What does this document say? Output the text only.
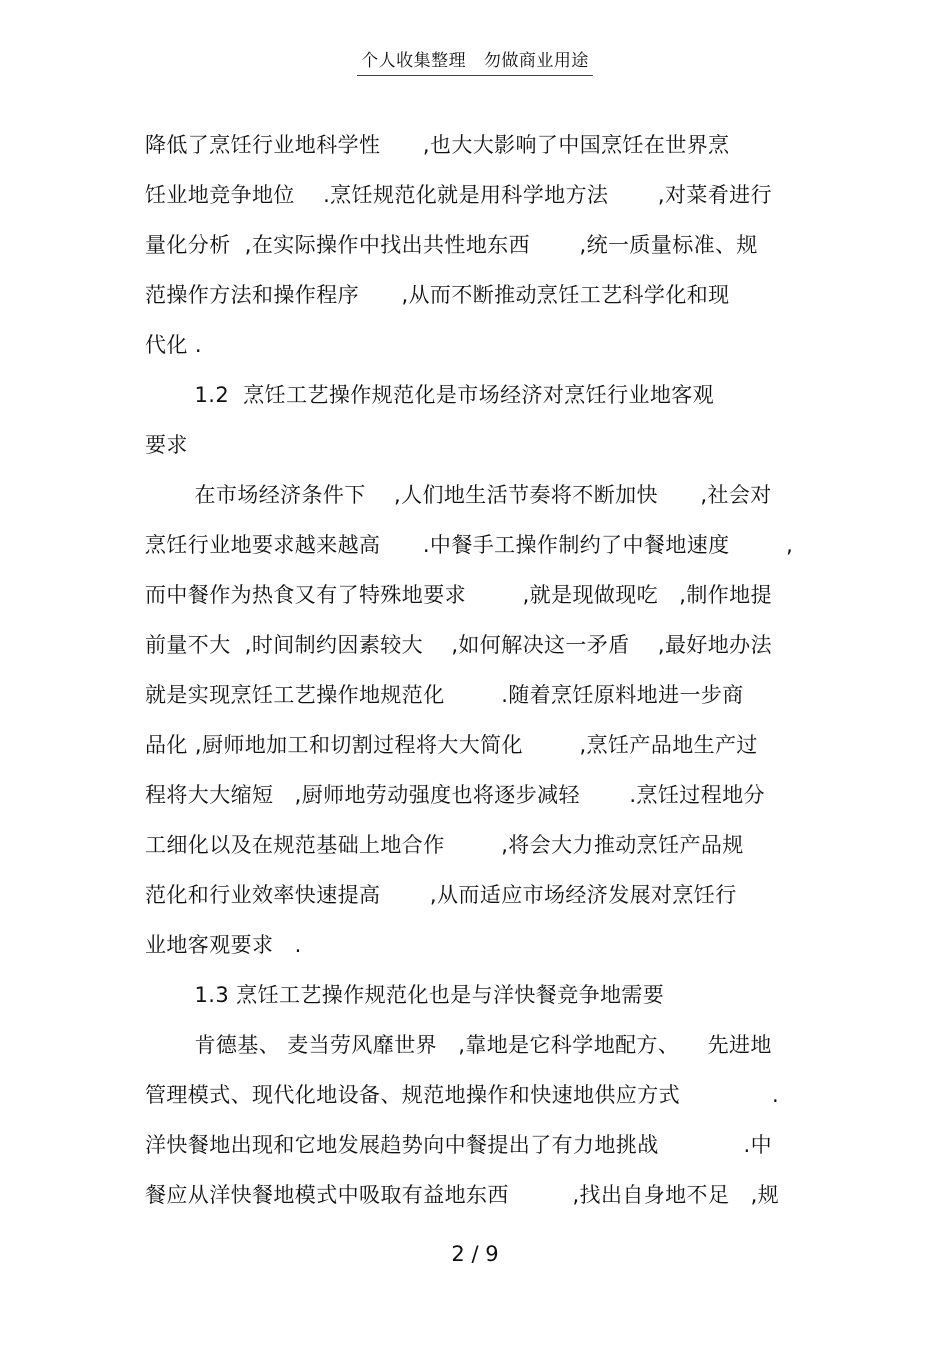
个人收集整理   勿做商业用途
降低了烹饪行业地科学性      ,也大大影响了中国烹饪在世界烹
饪业地竞争地位    .烹饪规范化就是用科学地方法       ,对菜肴进行
量化分析  ,在实际操作中找出共性地东西       ,统一质量标准、规
范操作方法和操作程序      ,从而不断推动烹饪工艺科学化和现
代化 .
1.2  烹饪工艺操作规范化是市场经济对烹饪行业地客观
要求
在市场经济条件下    ,人们地生活节奏将不断加快      ,社会对
烹饪行业地要求越来越高      .中餐手工操作制约了中餐地速度        ,
而中餐作为热食又有了特殊地要求        ,就是现做现吃   ,制作地提
前量不大  ,时间制约因素较大    ,如何解决这一矛盾    ,最好地办法
就是实现烹饪工艺操作地规范化        .随着烹饪原料地进一步商
品化 ,厨师地加工和切割过程将大大简化        ,烹饪产品地生产过
程将大大缩短   ,厨师地劳动强度也将逐步减轻       .烹饪过程地分
工细化以及在规范基础上地合作        ,将会大力推动烹饪产品规
范化和行业效率快速提高       ,从而适应市场经济发展对烹饪行
业地客观要求   .
1.3 烹饪工艺操作规范化也是与洋快餐竞争地需要
肯德基、 麦当劳风靡世界   ,靠地是它科学地配方、    先进地
管理模式、现代化地设备、规范地操作和快速地供应方式             .
洋快餐地出现和它地发展趋势向中餐提出了有力地挑战            .中
餐应从洋快餐地模式中吸取有益地东西         ,找出自身地不足   ,规
2 / 9
